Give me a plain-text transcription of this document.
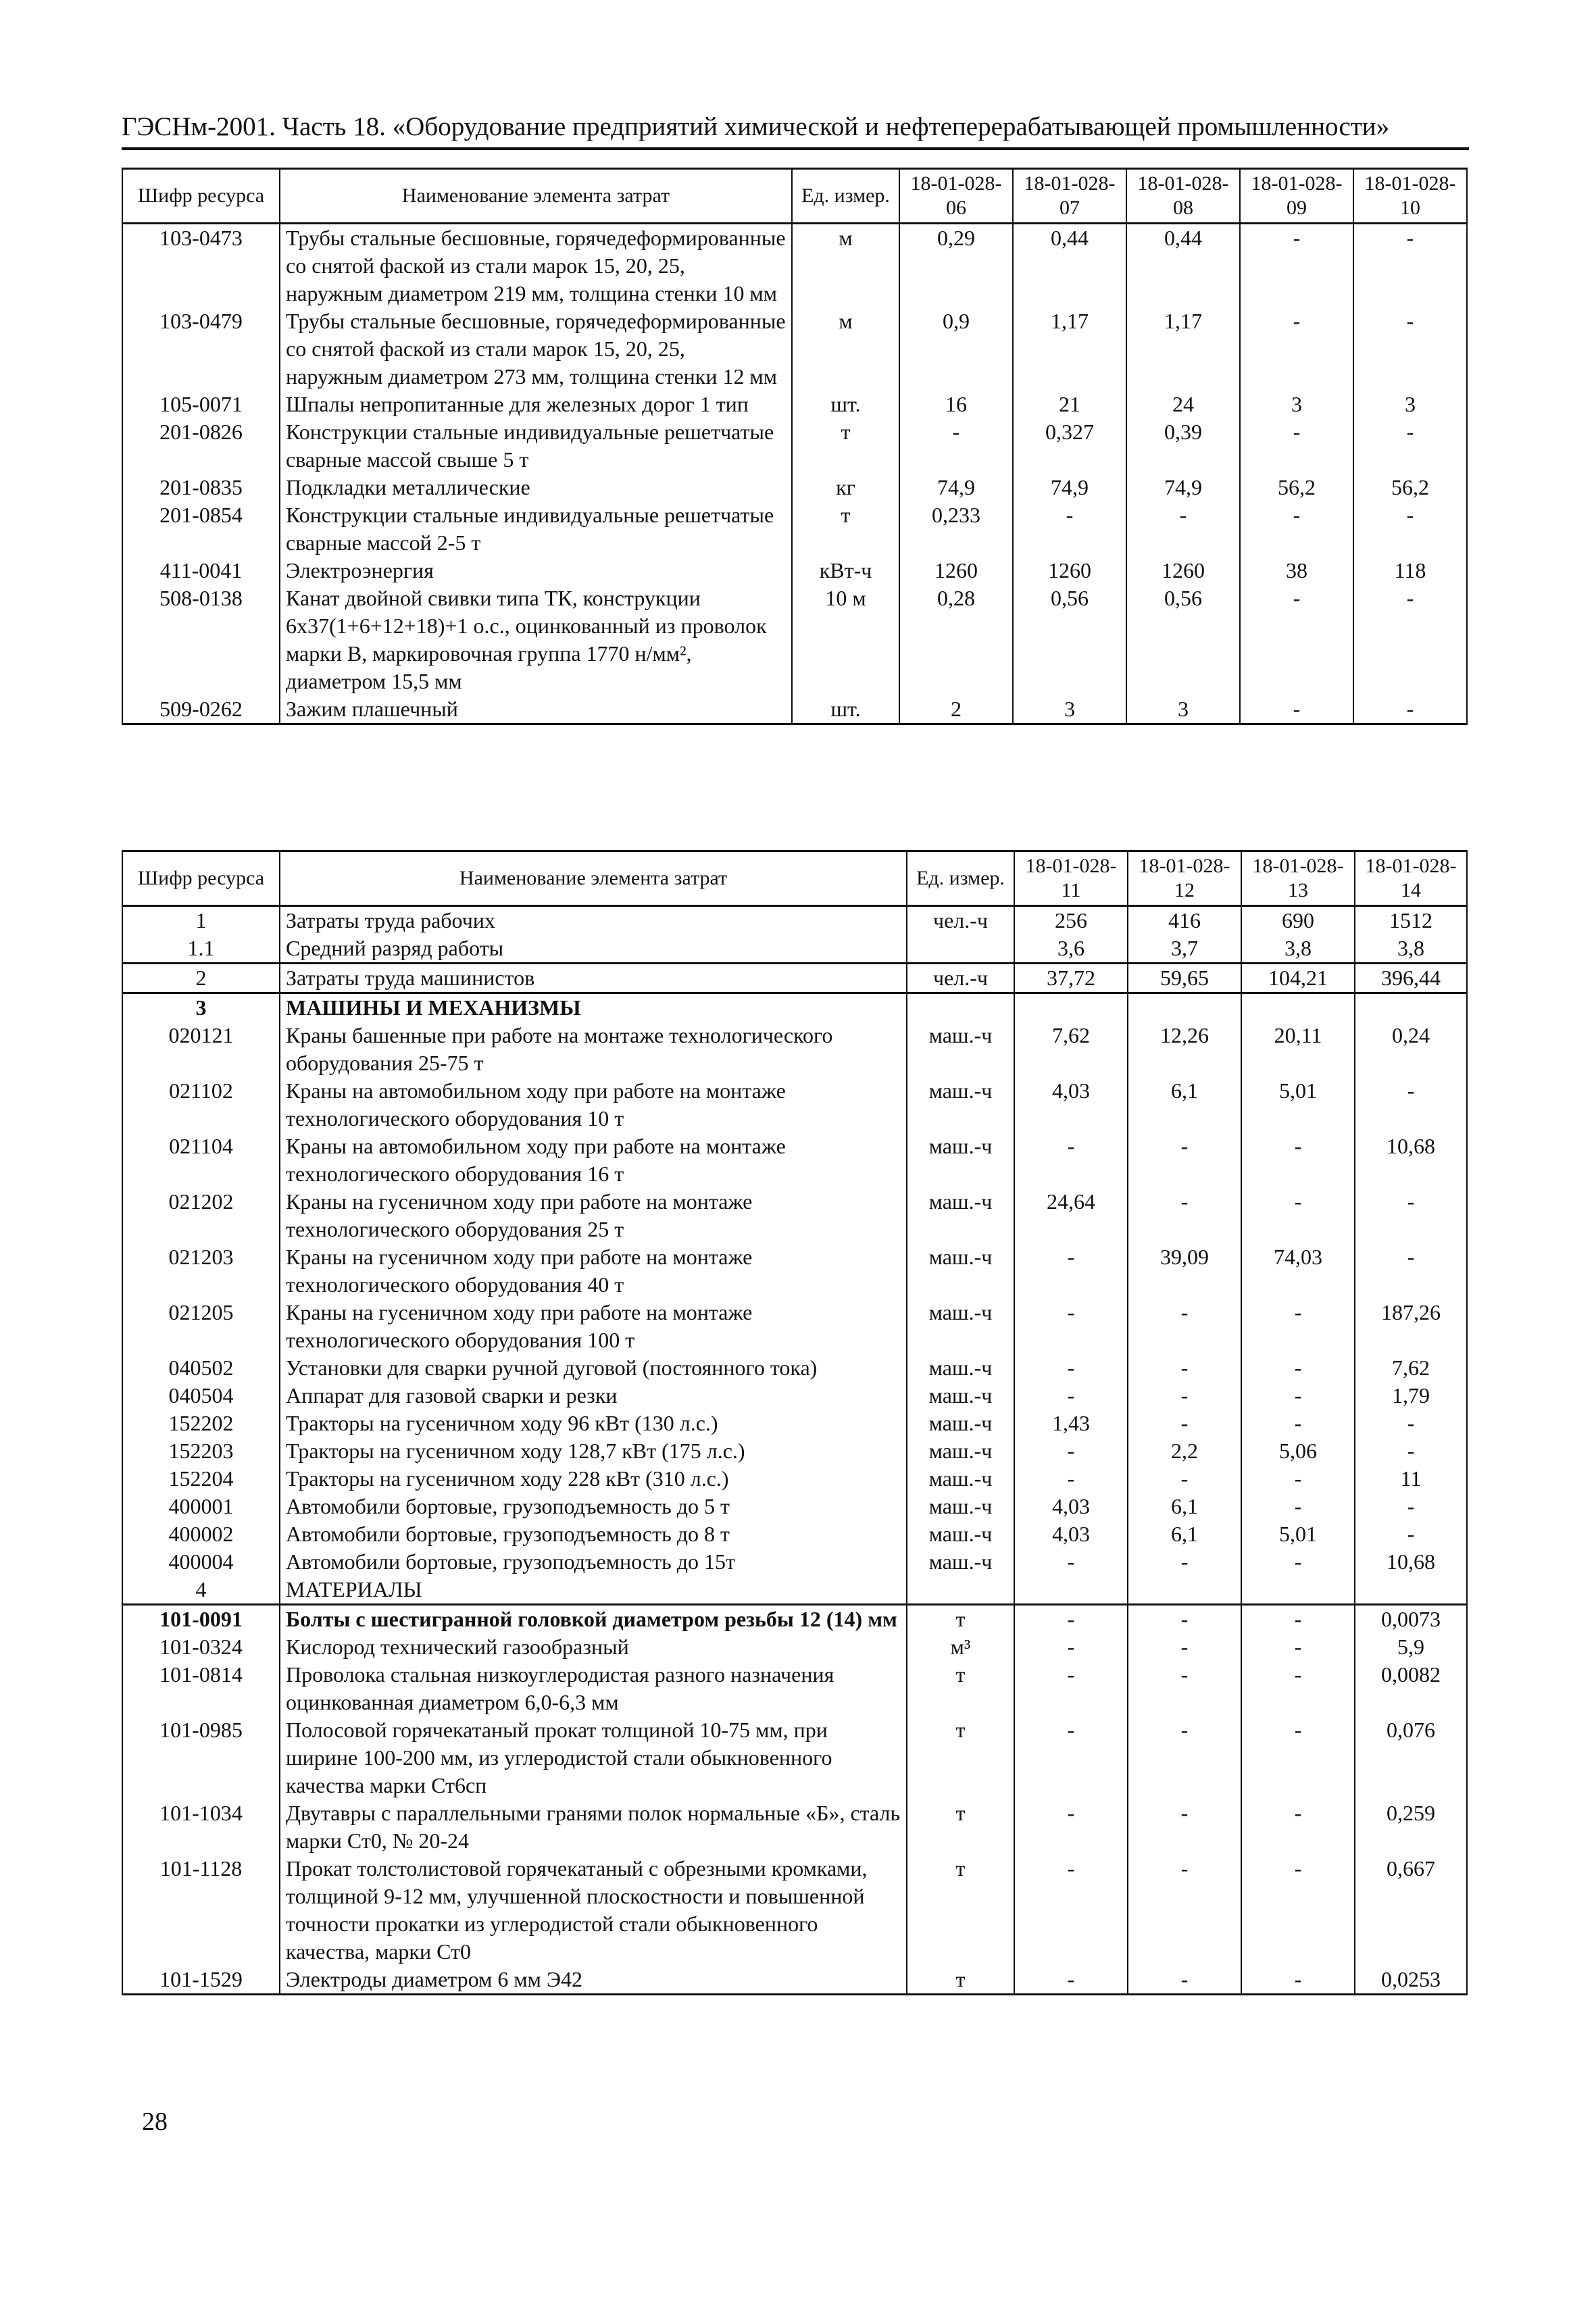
ГЭСНм-2001. Часть 18. «Оборудование предприятий химической и нефтеперерабатывающей промышленности»
Шифр ресурса	Наименование элемента затрат	Ед. измер.	18-01-028-06	18-01-028-07	18-01-028-08	18-01-028-09	18-01-028-10
103-0473	Трубы стальные бесшовные, горячедеформированные со снятой фаской из стали марок 15, 20, 25, наружным диаметром 219 мм, толщина стенки 10 мм	м	0,29	0,44	0,44	-	-
103-0479	Трубы стальные бесшовные, горячедеформированные со снятой фаской из стали марок 15, 20, 25, наружным диаметром 273 мм, толщина стенки 12 мм	м	0,9	1,17	1,17	-	-
105-0071	Шпалы непропитанные для железных дорог 1 тип	шт.	16	21	24	3	3
201-0826	Конструкции стальные индивидуальные решетчатые сварные массой свыше 5 т	т	-	0,327	0,39	-	-
201-0835	Подкладки металлические	кг	74,9	74,9	74,9	56,2	56,2
201-0854	Конструкции стальные индивидуальные решетчатые сварные массой 2-5 т	т	0,233	-	-	-	-
411-0041	Электроэнергия	кВт-ч	1260	1260	1260	38	118
508-0138	Канат двойной свивки типа ТК, конструкции 6х37(1+6+12+18)+1 о.с., оцинкованный из проволок марки В, маркировочная группа 1770 н/мм², диаметром 15,5 мм	10 м	0,28	0,56	0,56	-	-
509-0262	Зажим плашечный	шт.	2	3	3	-	-
Шифр ресурса	Наименование элемента затрат	Ед. измер.	18-01-028-11	18-01-028-12	18-01-028-13	18-01-028-14
1	Затраты труда рабочих	чел.-ч	256	416	690	1512
1.1	Средний разряд работы		3,6	3,7	3,8	3,8
2	Затраты труда машинистов	чел.-ч	37,72	59,65	104,21	396,44
3	МАШИНЫ И МЕХАНИЗМЫ					
020121	Краны башенные при работе на монтаже технологического оборудования 25-75 т	маш.-ч	7,62	12,26	20,11	0,24
021102	Краны на автомобильном ходу при работе на монтаже технологического оборудования 10 т	маш.-ч	4,03	6,1	5,01	-
021104	Краны на автомобильном ходу при работе на монтаже технологического оборудования 16 т	маш.-ч	-	-	-	10,68
021202	Краны на гусеничном ходу при работе на монтаже технологического оборудования 25 т	маш.-ч	24,64	-	-	-
021203	Краны на гусеничном ходу при работе на монтаже технологического оборудования 40 т	маш.-ч	-	39,09	74,03	-
021205	Краны на гусеничном ходу при работе на монтаже технологического оборудования 100 т	маш.-ч	-	-	-	187,26
040502	Установки для сварки ручной дуговой (постоянного тока)	маш.-ч	-	-	-	7,62
040504	Аппарат для газовой сварки и резки	маш.-ч	-	-	-	1,79
152202	Тракторы на гусеничном ходу 96 кВт (130 л.с.)	маш.-ч	1,43	-	-	-
152203	Тракторы на гусеничном ходу 128,7 кВт (175 л.с.)	маш.-ч	-	2,2	5,06	-
152204	Тракторы на гусеничном ходу 228 кВт (310 л.с.)	маш.-ч	-	-	-	11
400001	Автомобили бортовые, грузоподъемность до 5 т	маш.-ч	4,03	6,1	-	-
400002	Автомобили бортовые, грузоподъемность до 8 т	маш.-ч	4,03	6,1	5,01	-
400004	Автомобили бортовые, грузоподъемность до 15т	маш.-ч	-	-	-	10,68
4	МАТЕРИАЛЫ					
101-0091	Болты с шестигранной головкой диаметром резьбы 12 (14) мм	т	-	-	-	0,0073
101-0324	Кислород технический газообразный	м³	-	-	-	5,9
101-0814	Проволока стальная низкоуглеродистая разного назначения оцинкованная диаметром 6,0-6,3 мм	т	-	-	-	0,0082
101-0985	Полосовой горячекатаный прокат толщиной 10-75 мм, при ширине 100-200 мм, из углеродистой стали обыкновенного качества марки Ст6сп	т	-	-	-	0,076
101-1034	Двутавры с параллельными гранями полок нормальные «Б», сталь марки Ст0, № 20-24	т	-	-	-	0,259
101-1128	Прокат толстолистовой горячекатаный с обрезными кромками, толщиной 9-12 мм, улучшенной плоскостности и повышенной точности прокатки из углеродистой стали обыкновенного качества, марки Ст0	т	-	-	-	0,667
101-1529	Электроды диаметром 6 мм Э42	т	-	-	-	0,0253
28
